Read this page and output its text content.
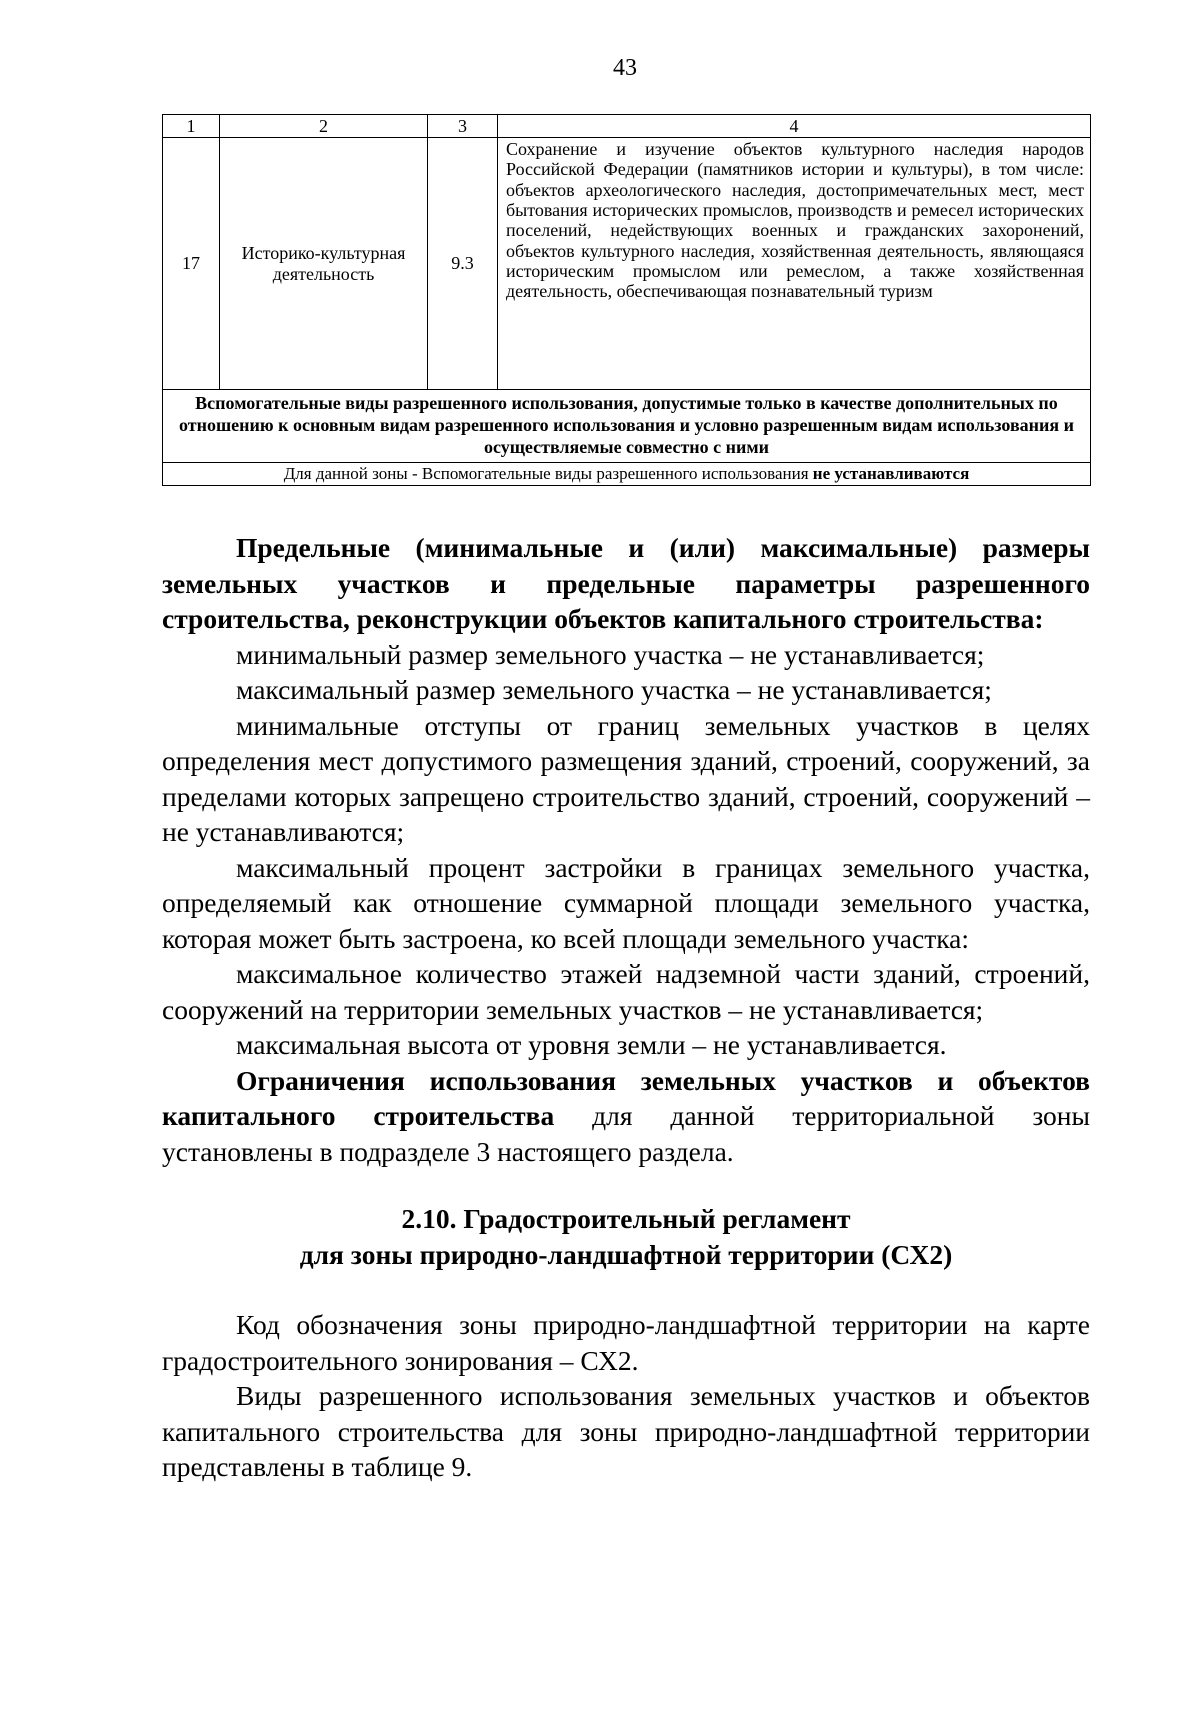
43
1	2	3	4
17	Историко-культурная деятельность	9.3	Сохранение и изучение объектов культурного наследия народов Российской Федерации (памятников истории и культуры), в том числе: объектов археологического наследия, достопримечательных мест, мест бытования исторических промыслов, производств и ремесел исторических поселений, недействующих военных и гражданских захоронений, объектов культурного наследия, хозяйственная деятельность, являющаяся историческим промыслом или ремеслом, а также хозяйственная деятельность, обеспечивающая познавательный туризм
Вспомогательные виды разрешенного использования, допустимые только в качестве дополнительных по отношению к основным видам разрешенного использования и условно разрешенным видам использования и осуществляемые совместно с ними			
Для данной зоны - Вспомогательные виды разрешенного использования не устанавливаются			

Предельные (минимальные и (или) максимальные) размеры земельных участков и предельные параметры разрешенного строительства, реконструкции объектов капитального строительства:

минимальный размер земельного участка – не устанавливается;

максимальный размер земельного участка – не устанавливается;

минимальные отступы от границ земельных участков в целях определения мест допустимого размещения зданий, строений, сооружений, за пределами которых запрещено строительство зданий, строений, сооружений – не устанавливаются;

максимальный процент застройки в границах земельного участка, определяемый как отношение суммарной площади земельного участка, которая может быть застроена, ко всей площади земельного участка:

максимальное количество этажей надземной части зданий, строений, сооружений на территории земельных участков – не устанавливается;

максимальная высота от уровня земли – не устанавливается.

Ограничения использования земельных участков и объектов капитального строительства для данной территориальной зоны установлены в подразделе 3 настоящего раздела.

2.10. Градостроительный регламент

для зоны природно-ландшафтной территории (СХ2)

Код обозначения зоны природно-ландшафтной территории на карте градостроительного зонирования – СХ2.

Виды разрешенного использования земельных участков и объектов капитального строительства для зоны природно-ландшафтной территории представлены в таблице 9.
